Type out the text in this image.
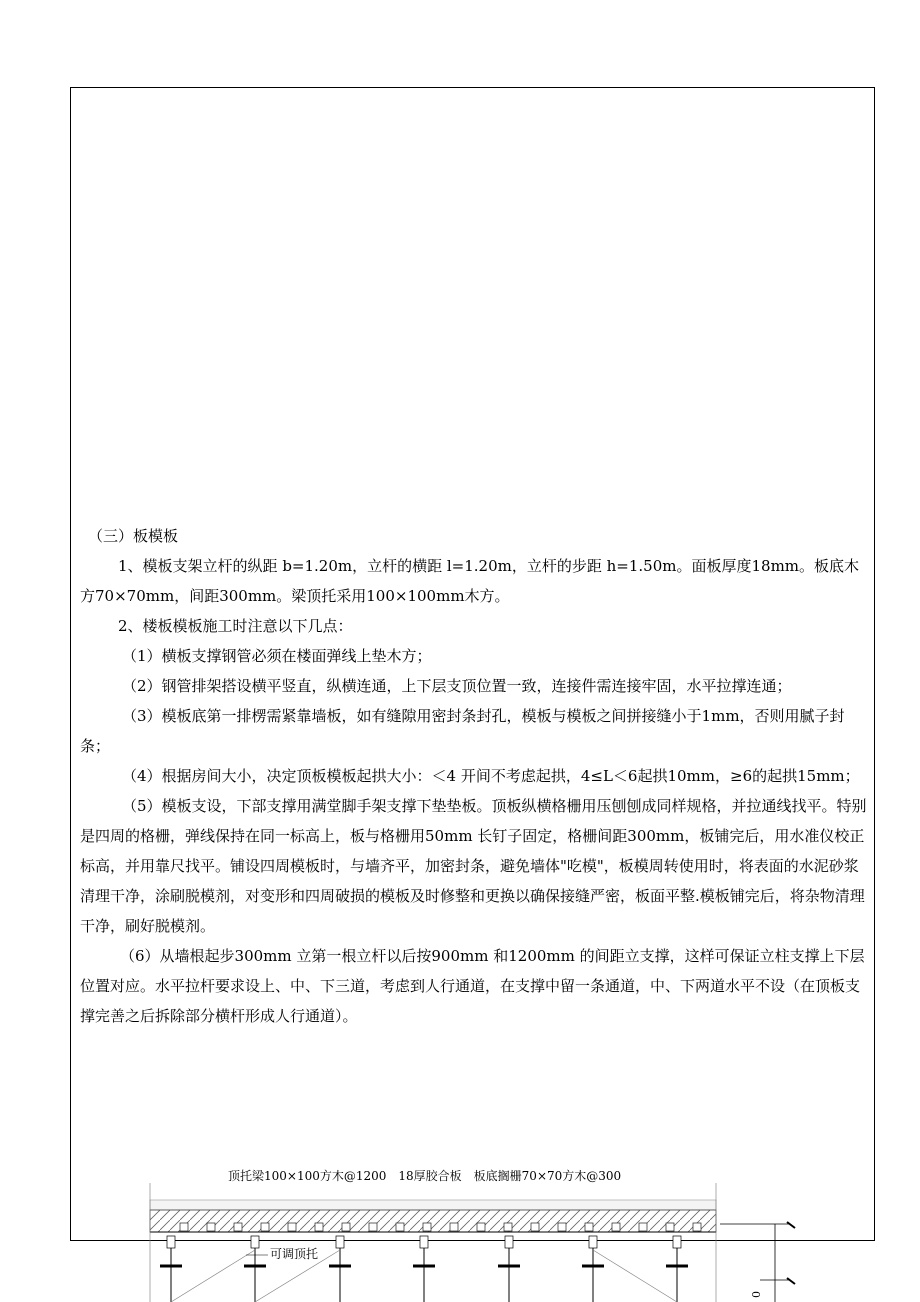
（三）板模板

1、模板支架立杆的纵距 b=1.20m，立杆的横距 l=1.20m，立杆的步距 h=1.50m。面板厚度18mm。板底木方70×70mm，间距300mm。梁顶托采用100×100mm木方。

2、楼板模板施工时注意以下几点：

（1）横板支撑钢管必须在楼面弹线上垫木方；

（2）钢管排架搭设横平竖直，纵横连通，上下层支顶位置一致，连接件需连接牢固，水平拉撑连通；

（3）模板底第一排楞需紧靠墙板，如有缝隙用密封条封孔，模板与模板之间拼接缝小于1mm，否则用腻子封条；

（4）根据房间大小，决定顶板模板起拱大小：＜4 开间不考虑起拱，4≤L＜6起拱10mm，≥6的起拱15mm；

（5）模板支设，下部支撑用满堂脚手架支撑下垫垫板。顶板纵横格栅用压刨刨成同样规格，并拉通线找平。特别是四周的格栅，弹线保持在同一标高上，板与格栅用50mm 长钉子固定，格栅间距300mm，板铺完后，用水准仪校正标高，并用靠尺找平。铺设四周模板时，与墙齐平，加密封条，避免墙体"吃模"，板模周转使用时，将表面的水泥砂浆清理干净，涂刷脱模剂，对变形和四周破损的模板及时修整和更换以确保接缝严密，板面平整.模板铺完后，将杂物清理干净，刷好脱模剂。

（6）从墙根起步300mm 立第一根立杆以后按900mm 和1200mm 的间距立支撑，这样可保证立柱支撑上下层位置对应。水平拉杆要求设上、中、下三道，考虑到人行通道，在支撑中留一条通道，中、下两道水平不设（在顶板支撑完善之后拆除部分横杆形成人行通道）。

顶托梁100×100方木@1200　18厚胶合板　板底搁栅70×70方木@300
可调顶托
0
